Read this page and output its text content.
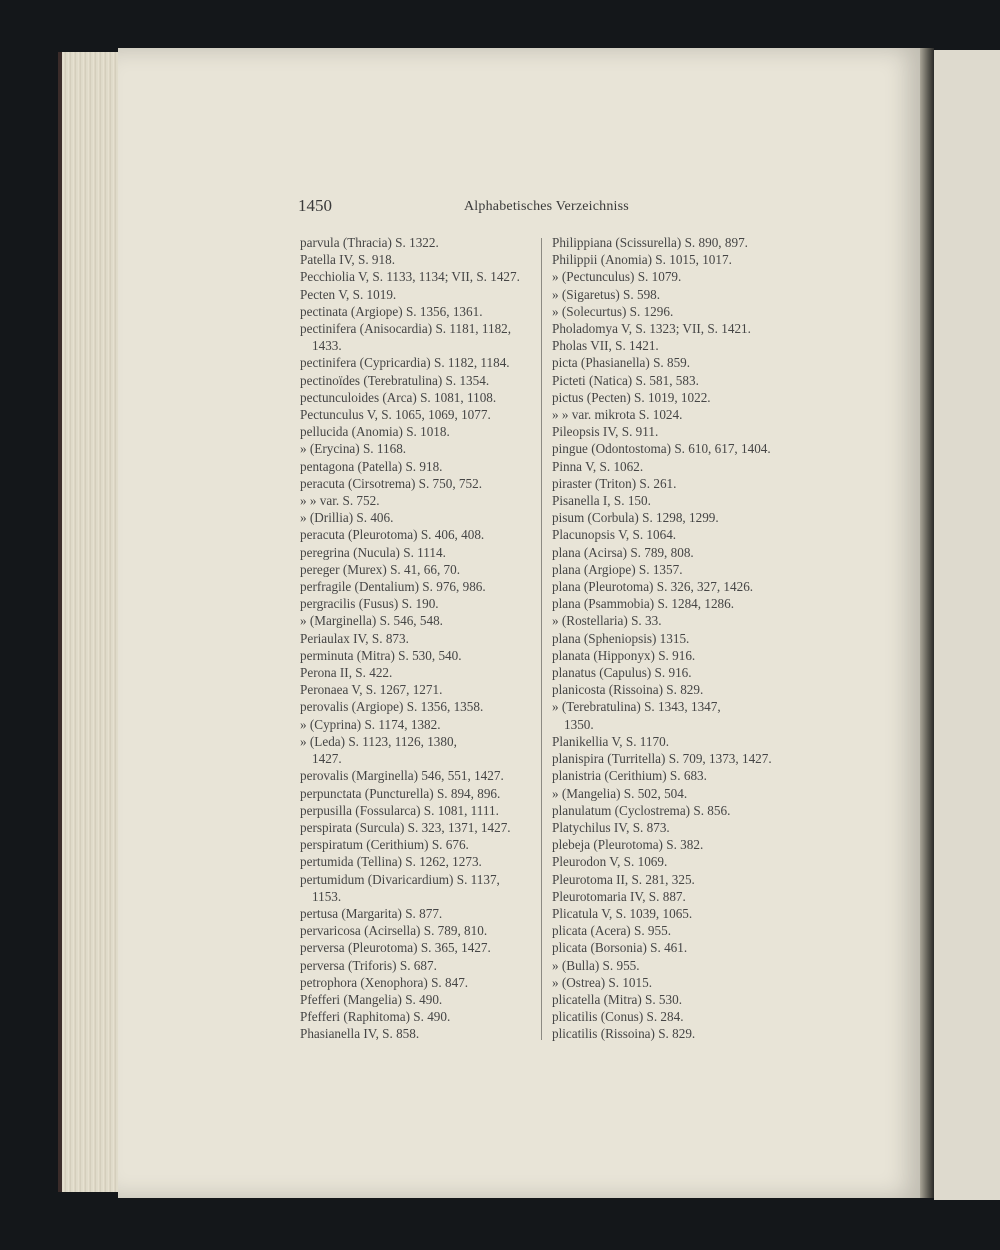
1450	Alphabetisches Verzeichniss
parvula (Thracia) S. 1322.
Patella IV, S. 918.
Pecchiolia V, S. 1133, 1134; VII, S. 1427.
Pecten V, S. 1019.
pectinata (Argiope) S. 1356, 1361.
pectinifera (Anisocardia) S. 1181, 1182,
1433.
pectinifera (Cypricardia) S. 1182, 1184.
pectinoïdes (Terebratulina) S. 1354.
pectunculoides (Arca) S. 1081, 1108.
Pectunculus V, S. 1065, 1069, 1077.
pellucida (Anomia) S. 1018.
» (Erycina) S. 1168.
pentagona (Patella) S. 918.
peracuta (Cirsotrema) S. 750, 752.
» » var. S. 752.
» (Drillia) S. 406.
peracuta (Pleurotoma) S. 406, 408.
peregrina (Nucula) S. 1114.
pereger (Murex) S. 41, 66, 70.
perfragile (Dentalium) S. 976, 986.
pergracilis (Fusus) S. 190.
» (Marginella) S. 546, 548.
Periaulax IV, S. 873.
perminuta (Mitra) S. 530, 540.
Perona II, S. 422.
Peronaea V, S. 1267, 1271.
perovalis (Argiope) S. 1356, 1358.
» (Cyprina) S. 1174, 1382.
» (Leda) S. 1123, 1126, 1380,
1427.
perovalis (Marginella) 546, 551, 1427.
perpunctata (Puncturella) S. 894, 896.
perpusilla (Fossularca) S. 1081, 1111.
perspirata (Surcula) S. 323, 1371, 1427.
perspiratum (Cerithium) S. 676.
pertumida (Tellina) S. 1262, 1273.
pertumidum (Divaricardium) S. 1137,
1153.
pertusa (Margarita) S. 877.
pervaricosa (Acirsella) S. 789, 810.
perversa (Pleurotoma) S. 365, 1427.
perversa (Triforis) S. 687.
petrophora (Xenophora) S. 847.
Pfefferi (Mangelia) S. 490.
Pfefferi (Raphitoma) S. 490.
Phasianella IV, S. 858.
Philippiana (Scissurella) S. 890, 897.
Philippii (Anomia) S. 1015, 1017.
» (Pectunculus) S. 1079.
» (Sigaretus) S. 598.
» (Solecurtus) S. 1296.
Pholadomya V, S. 1323; VII, S. 1421.
Pholas VII, S. 1421.
picta (Phasianella) S. 859.
Picteti (Natica) S. 581, 583.
pictus (Pecten) S. 1019, 1022.
» » var. mikrota S. 1024.
Pileopsis IV, S. 911.
pingue (Odontostoma) S. 610, 617, 1404.
Pinna V, S. 1062.
piraster (Triton) S. 261.
Pisanella I, S. 150.
pisum (Corbula) S. 1298, 1299.
Placunopsis V, S. 1064.
plana (Acirsa) S. 789, 808.
plana (Argiope) S. 1357.
plana (Pleurotoma) S. 326, 327, 1426.
plana (Psammobia) S. 1284, 1286.
» (Rostellaria) S. 33.
plana (Spheniopsis) 1315.
planata (Hipponyx) S. 916.
planatus (Capulus) S. 916.
planicosta (Rissoina) S. 829.
» (Terebratulina) S. 1343, 1347,
1350.
Planikellia V, S. 1170.
planispira (Turritella) S. 709, 1373, 1427.
planistria (Cerithium) S. 683.
» (Mangelia) S. 502, 504.
planulatum (Cyclostrema) S. 856.
Platychilus IV, S. 873.
plebeja (Pleurotoma) S. 382.
Pleurodon V, S. 1069.
Pleurotoma II, S. 281, 325.
Pleurotomaria IV, S. 887.
Plicatula V, S. 1039, 1065.
plicata (Acera) S. 955.
plicata (Borsonia) S. 461.
» (Bulla) S. 955.
» (Ostrea) S. 1015.
plicatella (Mitra) S. 530.
plicatilis (Conus) S. 284.
plicatilis (Rissoina) S. 829.
